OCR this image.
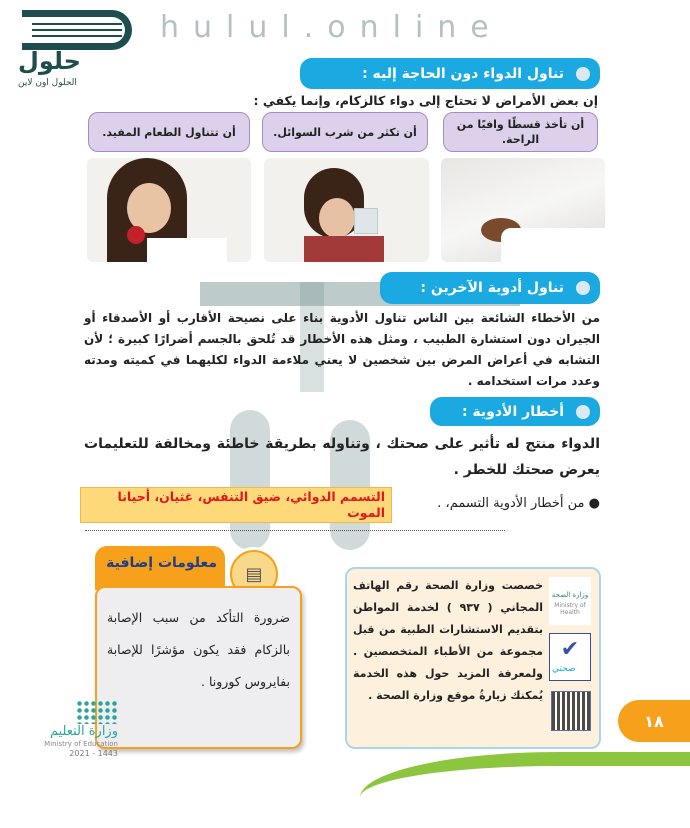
hulul.online
حلول
الحلول اون لاين
تناول الدواء دون الحاجة إليه :
إن بعض الأمراض لا تحتاج إلى دواء كالزكام، وإنما يكفي :
أن تأخذ قسطًا وافيًا من الراحة.
أن تكثر من شرب السوائل.
أن تتناول الطعام المفيد.
تناول أدوية الآخرين :
من الأخطاء الشائعة بين الناس تناول الأدوية بناء على نصيحة الأقارب أو الأصدقاء أو الجيران دون استشارة الطبيب ، ومثل هذه الأخطار قد تُلحق بالجسم أضرارًا كبيرة ؛ لأن التشابه في أعراض المرض بين شخصين لا يعني ملاءمة الدواء لكليهما في كميته ومدته وعدد مرات استخدامه .
أخطار الأدوية :
الدواء منتج له تأثير على صحتك ، وتناوله بطريقة خاطئة ومخالفة للتعليمات يعرض صحتك للخطر .
● من أخطار الأدوية التسمم، .
التسمم الدوائي، ضيق التنفس، غثيان، أحيانا الموت
معلومات إضافية
▤
ضرورة التأكد من سبب الإصابة بالزكام فقد يكون مؤشرًا للإصابة بفايروس كورونا .
وزارة الصحة
Ministry of Health
✔
صحتي
خصصت وزارة الصحة رقم الهاتف المجاني ( ٩٣٧ ) لخدمة المواطن بتقديم الاستشارات الطبية من قبل مجموعة من الأطباء المتخصصين . ولمعرفة المزيد حول هذه الخدمة يُمكنك زيارةُ موقع وزارة الصحة .
وزارة التعليم
Ministry of Education
2021 - 1443
١٨
